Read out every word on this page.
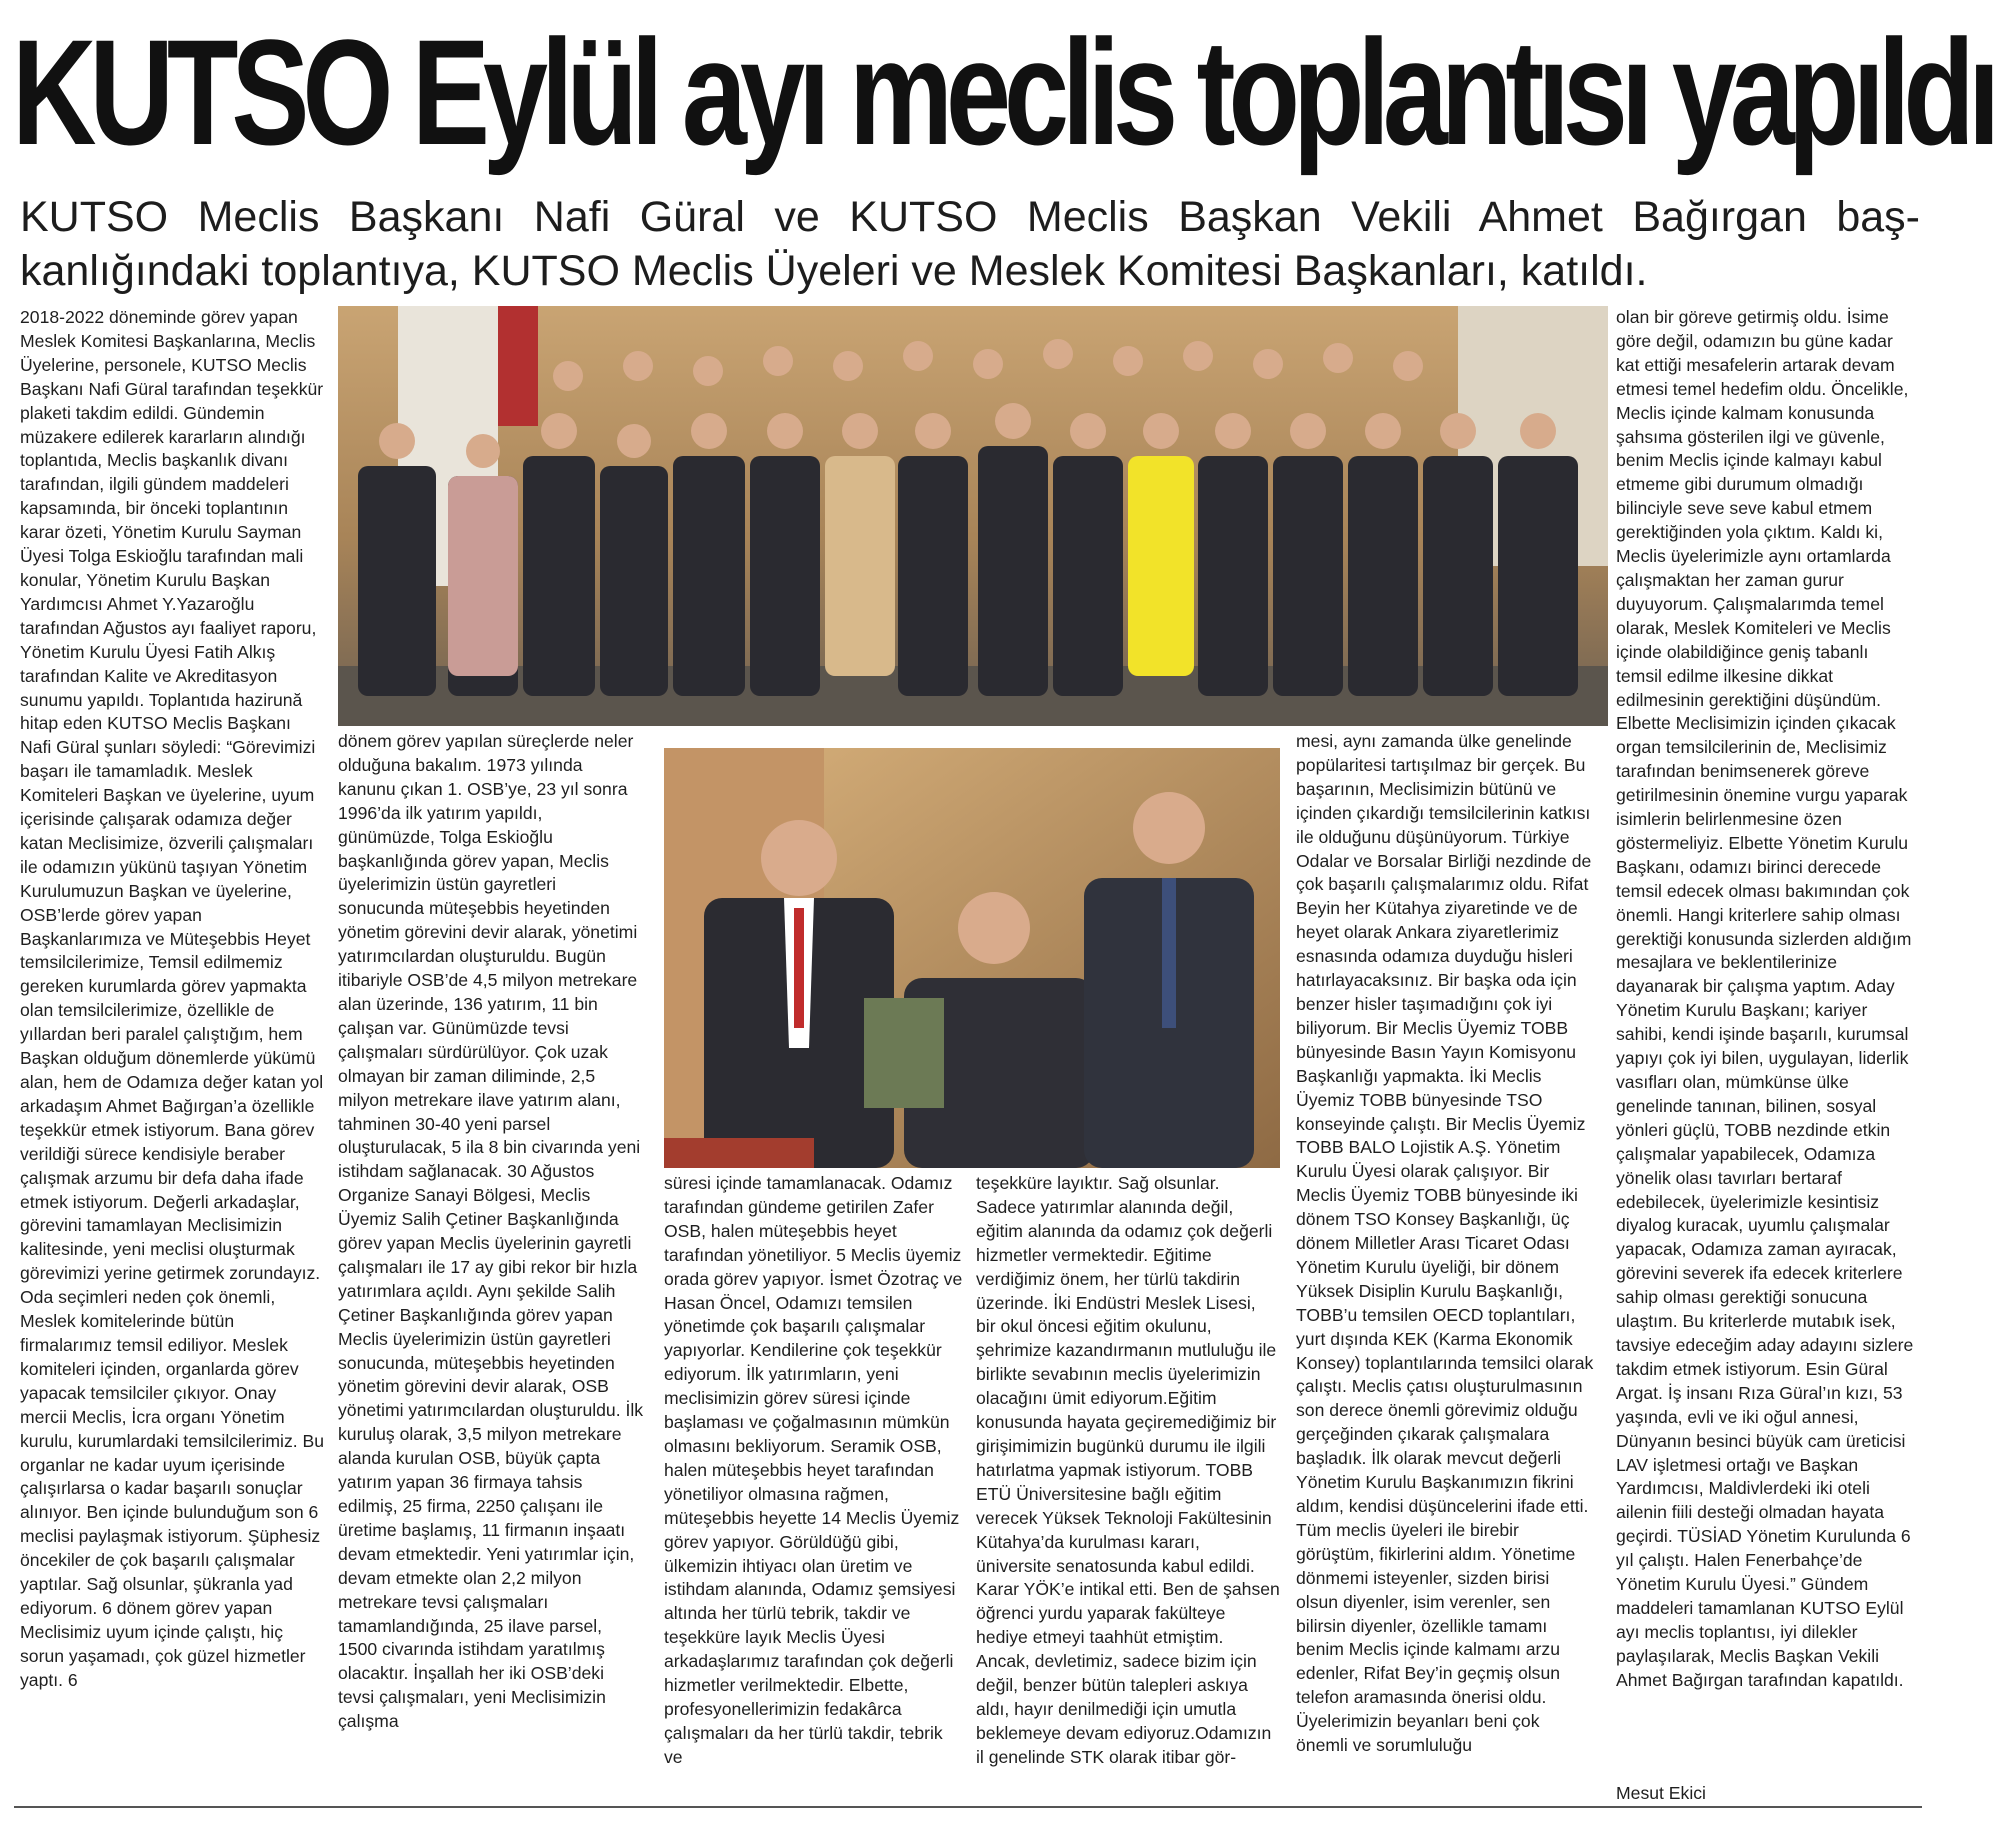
KUTSO Eylül ayı meclis toplantısı yapıldı

KUTSO Meclis Başkanı Nafi Güral ve KUTSO Meclis Başkan Vekili Ahmet Bağırgan baş-

kanlığındaki toplantıya, KUTSO Meclis Üyeleri ve Meslek Komitesi Başkanları, katıldı.

2018-2022 döneminde görev yapan Meslek Komitesi Başkanlarına, Meclis Üyelerine, personele, KUTSO Meclis Başkanı Nafi Güral tarafından teşekkür plaketi takdim edildi. Gündemin müzakere edilerek kararların alındığı toplantıda, Meclis başkanlık divanı tarafından, ilgili gündem maddeleri kapsamında, bir önceki toplantının karar özeti, Yönetim Kurulu Sayman Üyesi Tolga Eskioğlu tarafından mali konular, Yönetim Kurulu Başkan Yardımcısı Ahmet Y.Yazaroğlu tarafından Ağustos ayı faaliyet raporu, Yönetim Kurulu Üyesi Fatih Alkış tarafından Kalite ve Akreditasyon sunumu yapıldı. Toplantıda hazirună hitap eden KUTSO Meclis Başkanı Nafi Güral şunları söyledi: “Görevimizi başarı ile tamamladık. Meslek Komiteleri Başkan ve üyelerine, uyum içerisinde çalışarak odamıza değer katan Meclisimize, özverili çalışmaları ile odamızın yükünü taşıyan Yönetim Kurulumuzun Başkan ve üyelerine, OSB’lerde görev yapan Başkanlarımıza ve Müteşebbis Heyet temsilcilerimize, Temsil edilmemiz gereken kurumlarda görev yapmakta olan temsilcilerimize, özellikle de yıllardan beri paralel çalıştığım, hem Başkan olduğum dönemlerde yükümü alan, hem de Odamıza değer katan yol arkadaşım Ahmet Bağırgan’a özellikle teşekkür etmek istiyorum. Bana görev verildiği sürece kendisiyle beraber çalışmak arzumu bir defa daha ifade etmek istiyorum. Değerli arkadaşlar, görevini tamamlayan Meclisimizin kalitesinde, yeni meclisi oluşturmak görevimizi yerine getirmek zorundayız. Oda seçimleri neden çok önemli, Meslek komitelerinde bütün firmalarımız temsil ediliyor. Meslek komiteleri içinden, organlarda görev yapacak temsilciler çıkıyor. Onay mercii Meclis, İcra organı Yönetim kurulu, kurumlardaki temsilcilerimiz. Bu organlar ne kadar uyum içerisinde çalışırlarsa o kadar başarılı sonuçlar alınıyor. Ben içinde bulunduğum son 6 meclisi paylaşmak istiyorum. Şüphesiz öncekiler de çok başarılı çalışmalar yaptılar. Sağ olsunlar, şükranla yad ediyorum. 6 dönem görev yapan Meclisimiz uyum içinde çalıştı, hiç sorun yaşamadı, çok güzel hizmetler yaptı. 6
dönem görev yapılan süreçlerde neler olduğuna bakalım. 1973 yılında kanunu çıkan 1. OSB’ye, 23 yıl sonra 1996’da ilk yatırım yapıldı, günümüzde, Tolga Eskioğlu başkanlığında görev yapan, Meclis üyelerimizin üstün gayretleri sonucunda müteşebbis heyetinden yönetim görevini devir alarak, yönetimi yatırımcılardan oluşturuldu. Bugün itibariyle OSB’de 4,5 milyon metrekare alan üzerinde, 136 yatırım, 11 bin çalışan var. Günümüzde tevsi çalışmaları sürdürülüyor. Çok uzak olmayan bir zaman diliminde, 2,5 milyon metrekare ilave yatırım alanı, tahminen 30-40 yeni parsel oluşturulacak, 5 ila 8 bin civarında yeni istihdam sağlanacak. 30 Ağustos Organize Sanayi Bölgesi, Meclis Üyemiz Salih Çetiner Başkanlığında görev yapan Meclis üyelerinin gayretli çalışmaları ile 17 ay gibi rekor bir hızla yatırımlara açıldı. Aynı şekilde Salih Çetiner Başkanlığında görev yapan Meclis üyelerimizin üstün gayretleri sonucunda, müteşebbis heyetinden yönetim görevini devir alarak, OSB yönetimi yatırımcılardan oluşturuldu. İlk kuruluş olarak, 3,5 milyon metrekare alanda kurulan OSB, büyük çapta yatırım yapan 36 firmaya tahsis edilmiş, 25 firma, 2250 çalışanı ile üretime başlamış, 11 firmanın inşaatı devam etmektedir. Yeni yatırımlar için, devam etmekte olan 2,2 milyon metrekare tevsi çalışmaları tamamlandığında, 25 ilave parsel, 1500 civarında istihdam yaratılmış olacaktır. İnşallah her iki OSB’deki tevsi çalışmaları, yeni Meclisimizin çalışma
süresi içinde tamamlanacak. Odamız tarafından gündeme getirilen Zafer OSB, halen müteşebbis heyet tarafından yönetiliyor. 5 Meclis üyemiz orada görev yapıyor. İsmet Özotraç ve Hasan Öncel, Odamızı temsilen yönetimde çok başarılı çalışmalar yapıyorlar. Kendilerine çok teşekkür ediyorum. İlk yatırımların, yeni meclisimizin görev süresi içinde başlaması ve çoğalmasının mümkün olmasını bekliyorum. Seramik OSB, halen müteşebbis heyet tarafından yönetiliyor olmasına rağmen, müteşebbis heyette 14 Meclis Üyemiz görev yapıyor. Görüldüğü gibi, ülkemizin ihtiyacı olan üretim ve istihdam alanında, Odamız şemsiyesi altında her türlü tebrik, takdir ve teşekküre layık Meclis Üyesi arkadaşlarımız tarafından çok değerli hizmetler verilmektedir. Elbette, profesyonellerimizin fedakârca çalışmaları da her türlü takdir, tebrik ve
teşekküre layıktır. Sağ olsunlar. Sadece yatırımlar alanında değil, eğitim alanında da odamız çok değerli hizmetler vermektedir. Eğitime verdiğimiz önem, her türlü takdirin üzerinde. İki Endüstri Meslek Lisesi, bir okul öncesi eğitim okulunu, şehrimize kazandırmanın mutluluğu ile birlikte sevabının meclis üyelerimizin olacağını ümit ediyorum.Eğitim konusunda hayata geçiremediğimiz bir girişimimizin bugünkü durumu ile ilgili hatırlatma yapmak istiyorum. TOBB ETÜ Üniversitesine bağlı eğitim verecek Yüksek Teknoloji Fakültesinin Kütahya’da kurulması kararı, üniversite senatosunda kabul edildi. Karar YÖK’e intikal etti. Ben de şahsen öğrenci yurdu yaparak fakülteye hediye etmeyi taahhüt etmiştim. Ancak, devletimiz, sadece bizim için değil, benzer bütün talepleri askıya aldı, hayır denilmediği için umutla beklemeye devam ediyoruz.Odamızın il genelinde STK olarak itibar gör-
mesi, aynı zamanda ülke genelinde popülaritesi tartışılmaz bir gerçek. Bu başarının, Meclisimizin bütünü ve içinden çıkardığı temsilcilerinin katkısı ile olduğunu düşünüyorum. Türkiye Odalar ve Borsalar Birliği nezdinde de çok başarılı çalışmalarımız oldu. Rifat Beyin her Kütahya ziyaretinde ve de heyet olarak Ankara ziyaretlerimiz esnasında odamıza duyduğu hisleri hatırlayacaksınız. Bir başka oda için benzer hisler taşımadığını çok iyi biliyorum. Bir Meclis Üyemiz TOBB bünyesinde Basın Yayın Komisyonu Başkanlığı yapmakta. İki Meclis Üyemiz TOBB bünyesinde TSO konseyinde çalıştı. Bir Meclis Üyemiz TOBB BALO Lojistik A.Ş. Yönetim Kurulu Üyesi olarak çalışıyor. Bir Meclis Üyemiz TOBB bünyesinde iki dönem TSO Konsey Başkanlığı, üç dönem Milletler Arası Ticaret Odası Yönetim Kurulu üyeliği, bir dönem Yüksek Disiplin Kurulu Başkanlığı, TOBB’u temsilen OECD toplantıları, yurt dışında KEK (Karma Ekonomik Konsey) toplantılarında temsilci olarak çalıştı. Meclis çatısı oluşturulmasının son derece önemli görevimiz olduğu gerçeğinden çıkarak çalışmalara başladık. İlk olarak mevcut değerli Yönetim Kurulu Başkanımızın fikrini aldım, kendisi düşüncelerini ifade etti. Tüm meclis üyeleri ile birebir görüştüm, fikirlerini aldım. Yönetime dönmemi isteyenler, sizden birisi olsun diyenler, isim verenler, sen bilirsin diyenler, özellikle tamamı benim Meclis içinde kalmamı arzu edenler, Rifat Bey’in geçmiş olsun telefon aramasında önerisi oldu. Üyelerimizin beyanları beni çok önemli ve sorumluluğu
olan bir göreve getirmiş oldu. İsime göre değil, odamızın bu güne kadar kat ettiği mesafelerin artarak devam etmesi temel hedefim oldu. Öncelikle, Meclis içinde kalmam konusunda şahsıma gösterilen ilgi ve güvenle, benim Meclis içinde kalmayı kabul etmeme gibi durumum olmadığı bilinciyle seve seve kabul etmem gerektiğinden yola çıktım. Kaldı ki, Meclis üyelerimizle aynı ortamlarda çalışmaktan her zaman gurur duyuyorum. Çalışmalarımda temel olarak, Meslek Komiteleri ve Meclis içinde olabildiğince geniş tabanlı temsil edilme ilkesine dikkat edilmesinin gerektiğini düşündüm. Elbette Meclisimizin içinden çıkacak organ temsilcilerinin de, Meclisimiz tarafından benimsenerek göreve getirilmesinin önemine vurgu yaparak isimlerin belirlenmesine özen göstermeliyiz. Elbette Yönetim Kurulu Başkanı, odamızı birinci derecede temsil edecek olması bakımından çok önemli. Hangi kriterlere sahip olması gerektiği konusunda sizlerden aldığım mesajlara ve beklentilerinize dayanarak bir çalışma yaptım. Aday Yönetim Kurulu Başkanı; kariyer sahibi, kendi işinde başarılı, kurumsal yapıyı çok iyi bilen, uygulayan, liderlik vasıfları olan, mümkünse ülke genelinde tanınan, bilinen, sosyal yönleri güçlü, TOBB nezdinde etkin çalışmalar yapabilecek, Odamıza yönelik olası tavırları bertaraf edebilecek, üyelerimizle kesintisiz diyalog kuracak, uyumlu çalışmalar yapacak, Odamıza zaman ayıracak, görevini severek ifa edecek kriterlere sahip olması gerektiği sonucuna ulaştım. Bu kriterlerde mutabık isek, tavsiye edeceğim aday adayını sizlere takdim etmek istiyorum. Esin Güral Argat. İş insanı Rıza Güral’ın kızı, 53 yaşında, evli ve iki oğul annesi, Dünyanın besinci büyük cam üreticisi LAV işletmesi ortağı ve Başkan Yardımcısı, Maldivlerdeki iki oteli ailenin fiili desteği olmadan hayata geçirdi. TÜSİAD Yönetim Kurulunda 6 yıl çalıştı. Halen Fenerbahçe’de Yönetim Kurulu Üyesi.” Gündem maddeleri tamamlanan KUTSO Eylül ayı meclis toplantısı, iyi dilekler paylaşılarak, Meclis Başkan Vekili Ahmet Bağırgan tarafından kapatıldı.
Mesut Ekici
